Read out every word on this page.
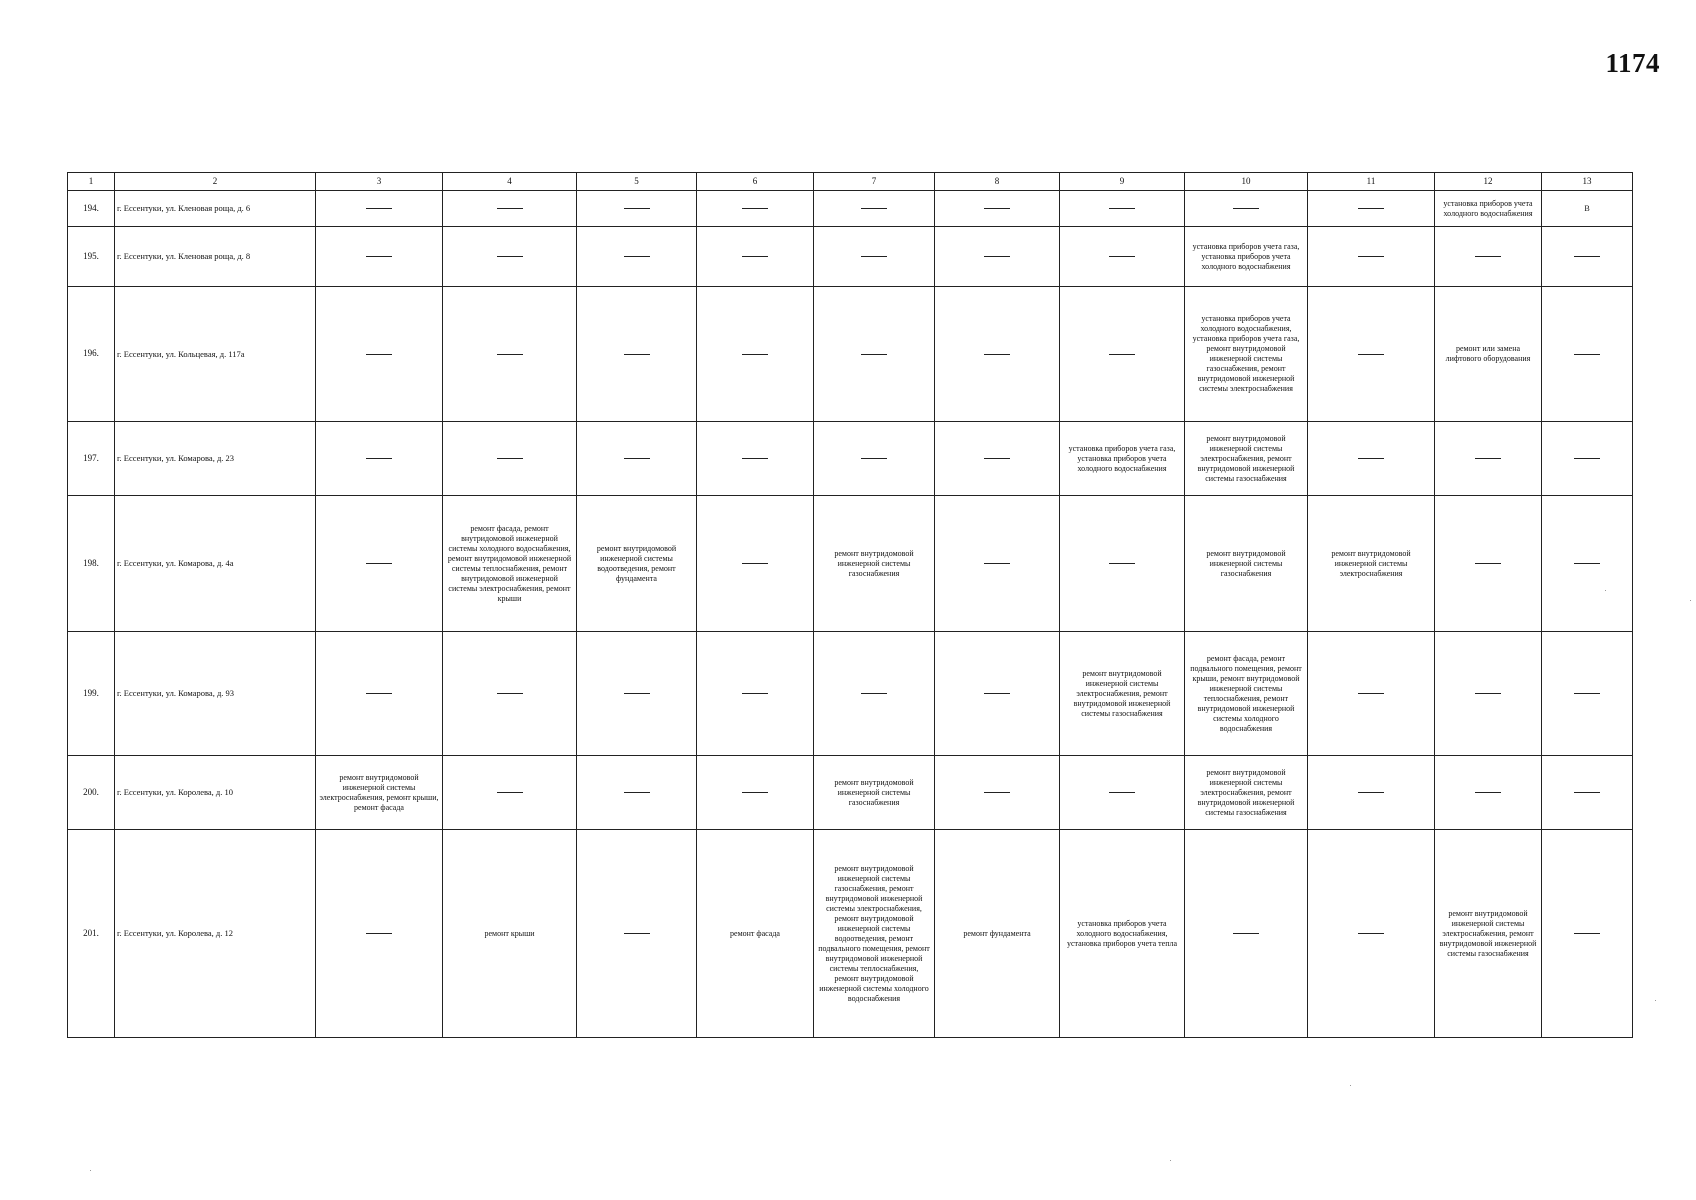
1174
1	2	3	4	5	6	7	8	9	10	11	12	13
194.	г. Ессентуки, ул. Кленовая роща, д. 6										установка приборов учета холодного водоснабжения	В
195.	г. Ессентуки, ул. Кленовая роща, д. 8								установка приборов учета газа, установка приборов учета холодного водоснабжения			
196.	г. Ессентуки, ул. Кольцевая, д. 117а								установка приборов учета холодного водоснабжения, установка приборов учета газа, ремонт внутридомовой инженерной системы газоснабжения, ремонт внутридомовой инженерной системы электроснабжения		ремонт или замена лифтового оборудования	
197.	г. Ессентуки, ул. Комарова, д. 23							установка приборов учета газа, установка приборов учета холодного водоснабжения	ремонт внутридомовой инженерной системы электроснабжения, ремонт внутридомовой инженерной системы газоснабжения			
198.	г. Ессентуки, ул. Комарова, д. 4а		ремонт фасада, ремонт внутридомовой инженерной системы холодного водоснабжения, ремонт внутридомовой инженерной системы теплоснабжения, ремонт внутридомовой инженерной системы электроснабжения, ремонт крыши	ремонт внутридомовой инженерной системы водоотведения, ремонт фундамента		ремонт внутридомовой инженерной системы газоснабжения			ремонт внутридомовой инженерной системы газоснабжения	ремонт внутридомовой инженерной системы электроснабжения		
199.	г. Ессентуки, ул. Комарова, д. 93							ремонт внутридомовой инженерной системы электроснабжения, ремонт внутридомовой инженерной системы газоснабжения	ремонт фасада, ремонт подвального помещения, ремонт крыши, ремонт внутридомовой инженерной системы теплоснабжения, ремонт внутридомовой инженерной системы холодного водоснабжения			
200.	г. Ессентуки, ул. Королева, д. 10	ремонт внутридомовой инженерной системы электроснабжения, ремонт крыши, ремонт фасада				ремонт внутридомовой инженерной системы газоснабжения			ремонт внутридомовой инженерной системы электроснабжения, ремонт внутридомовой инженерной системы газоснабжения			
201.	г. Ессентуки, ул. Королева, д. 12		ремонт крыши		ремонт фасада	ремонт внутридомовой инженерной системы газоснабжения, ремонт внутридомовой инженерной системы электроснабжения, ремонт внутридомовой инженерной системы водоотведения, ремонт подвального помещения, ремонт внутридомовой инженерной системы теплоснабжения, ремонт внутридомовой инженерной системы холодного водоснабжения	ремонт фундамента	установка приборов учета холодного водоснабжения, установка приборов учета тепла			ремонт внутридомовой инженерной системы электроснабжения, ремонт внутридомовой инженерной системы газоснабжения	
